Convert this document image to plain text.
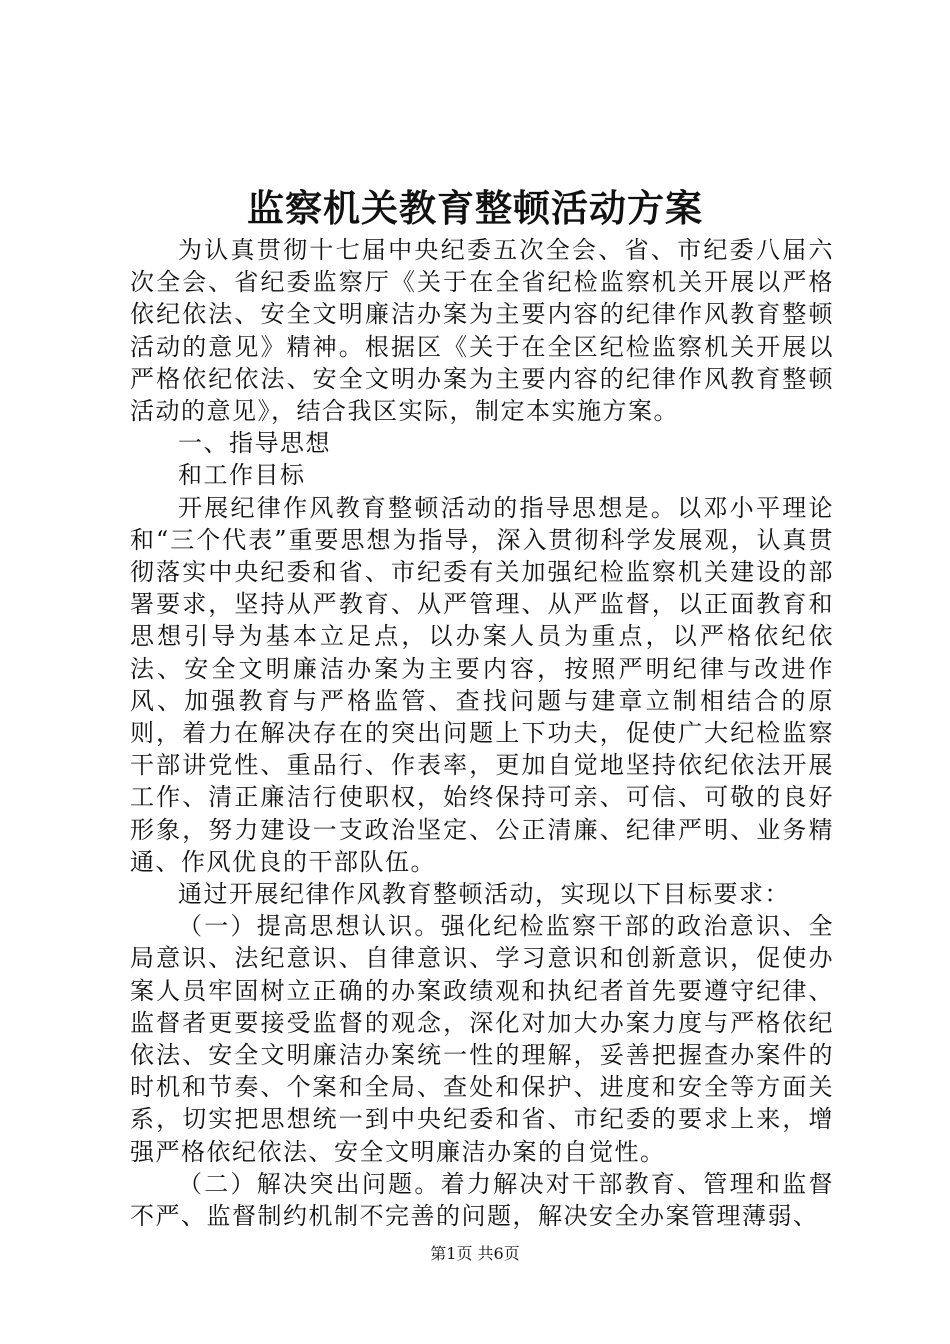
监察机关教育整顿活动方案

为认真贯彻十七届中央纪委五次全会、省、市纪委八届六次全会、省纪委监察厅《关于在全省纪检监察机关开展以严格依纪依法、安全文明廉洁办案为主要内容的纪律作风教育整顿活动的意见》精神。根据区《关于在全区纪检监察机关开展以严格依纪依法、安全文明办案为主要内容的纪律作风教育整顿活动的意见》，结合我区实际，制定本实施方案。

一、指导思想

和工作目标

开展纪律作风教育整顿活动的指导思想是。以邓小平理论和“三个代表”重要思想为指导，深入贯彻科学发展观，认真贯彻落实中央纪委和省、市纪委有关加强纪检监察机关建设的部署要求，坚持从严教育、从严管理、从严监督，以正面教育和思想引导为基本立足点，以办案人员为重点，以严格依纪依法、安全文明廉洁办案为主要内容，按照严明纪律与改进作风、加强教育与严格监管、查找问题与建章立制相结合的原则，着力在解决存在的突出问题上下功夫，促使广大纪检监察干部讲党性、重品行、作表率，更加自觉地坚持依纪依法开展工作、清正廉洁行使职权，始终保持可亲、可信、可敬的良好形象，努力建设一支政治坚定、公正清廉、纪律严明、业务精通、作风优良的干部队伍。

通过开展纪律作风教育整顿活动，实现以下目标要求：

（一）提高思想认识。强化纪检监察干部的政治意识、全局意识、法纪意识、自律意识、学习意识和创新意识，促使办案人员牢固树立正确的办案政绩观和执纪者首先要遵守纪律、监督者更要接受监督的观念，深化对加大办案力度与严格依纪依法、安全文明廉洁办案统一性的理解，妥善把握查办案件的时机和节奏、个案和全局、查处和保护、进度和安全等方面关系，切实把思想统一到中央纪委和省、市纪委的要求上来，增强严格依纪依法、安全文明廉洁办案的自觉性。

（二）解决突出问题。着力解决对干部教育、管理和监督不严、监督制约机制不完善的问题，解决安全办案管理薄弱、

第1页 共6页
